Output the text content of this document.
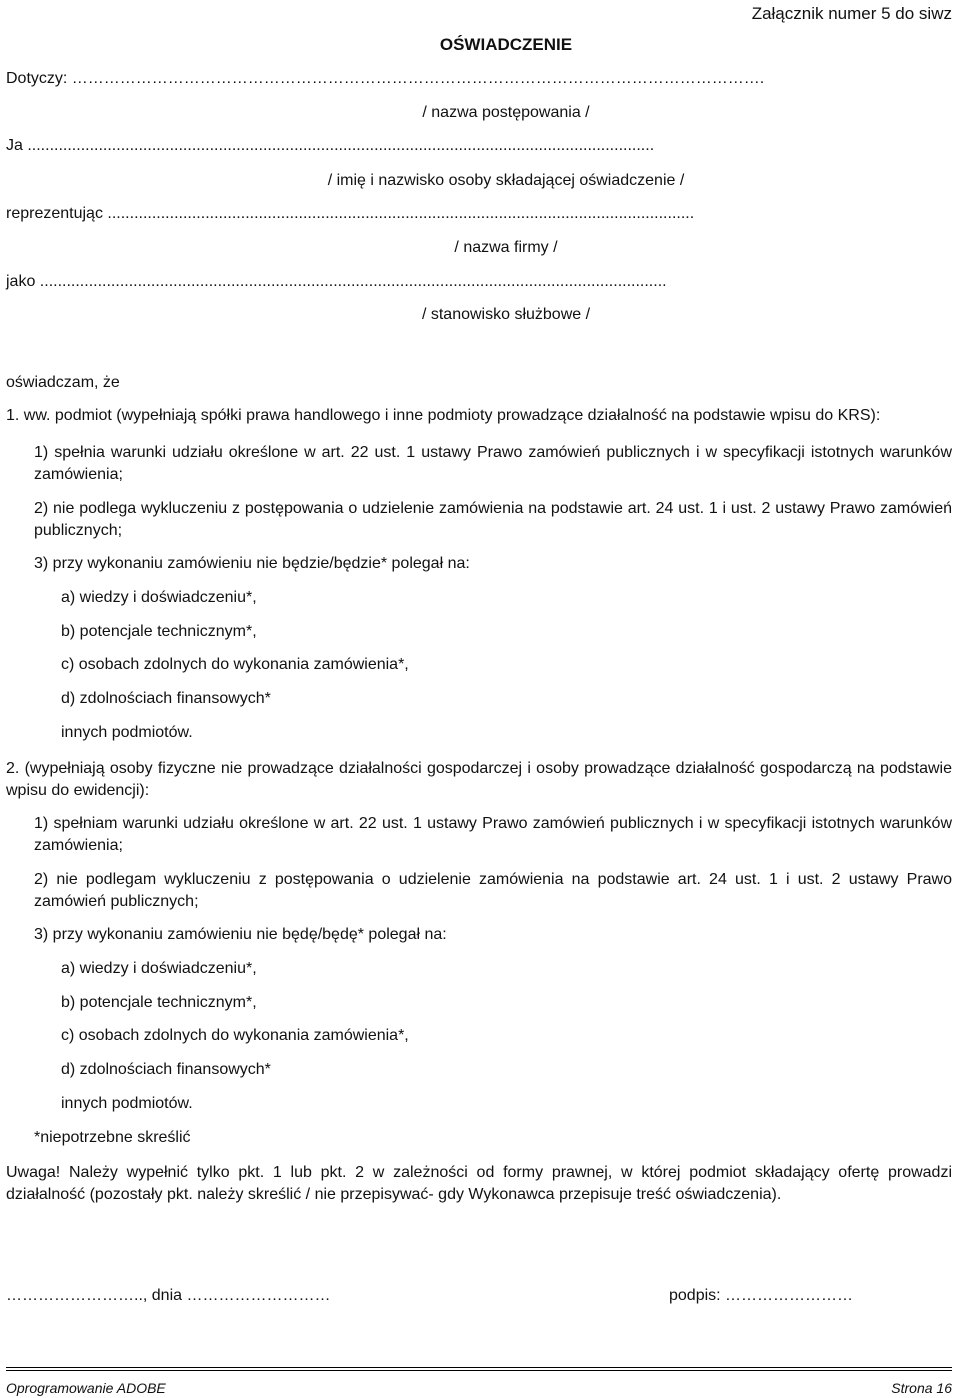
Załącznik numer 5 do siwz
OŚWIADCZENIE
Dotyczy: ………………………………………………………………………………………………………………….
/ nazwa postępowania /
Ja .............................................................................................................................................
/ imię i nazwisko osoby składającej oświadczenie /
reprezentując ....................................................................................................................................
/ nazwa firmy /
jako .............................................................................................................................................
/ stanowisko służbowe /
oświadczam, że
1. ww. podmiot (wypełniają spółki prawa handlowego i inne podmioty prowadzące działalność na podstawie wpisu do KRS):
1) spełnia warunki udziału określone w art. 22 ust. 1 ustawy Prawo zamówień publicznych i w specyfikacji istotnych warunków zamówienia;
2) nie podlega wykluczeniu z postępowania o udzielenie zamówienia na podstawie art. 24 ust. 1 i ust. 2 ustawy Prawo zamówień publicznych;
3) przy wykonaniu zamówieniu nie będzie/będzie* polegał na:
a) wiedzy i doświadczeniu*,
b) potencjale technicznym*,
c) osobach zdolnych do wykonania zamówienia*,
d) zdolnościach finansowych*
innych podmiotów.
2. (wypełniają osoby fizyczne nie prowadzące działalności gospodarczej i osoby prowadzące działalność gospodarczą na podstawie wpisu do ewidencji):
1) spełniam warunki udziału określone w art. 22 ust. 1 ustawy Prawo zamówień publicznych i w specyfikacji istotnych warunków zamówienia;
2) nie podlegam wykluczeniu z postępowania o udzielenie zamówienia na podstawie art. 24 ust. 1 i ust. 2 ustawy Prawo zamówień publicznych;
3) przy wykonaniu zamówieniu nie będę/będę* polegał na:
a) wiedzy i doświadczeniu*,
b) potencjale technicznym*,
c) osobach zdolnych do wykonania zamówienia*,
d) zdolnościach finansowych*
innych podmiotów.
*niepotrzebne skreślić
Uwaga! Należy wypełnić tylko pkt. 1 lub pkt. 2 w zależności od formy prawnej, w której podmiot składający ofertę prowadzi działalność (pozostały pkt. należy skreślić / nie przepisywać- gdy Wykonawca przepisuje treść oświadczenia).
…………………….., dnia ………………………	podpis: ……………………
Oprogramowanie ADOBE	Strona 16
